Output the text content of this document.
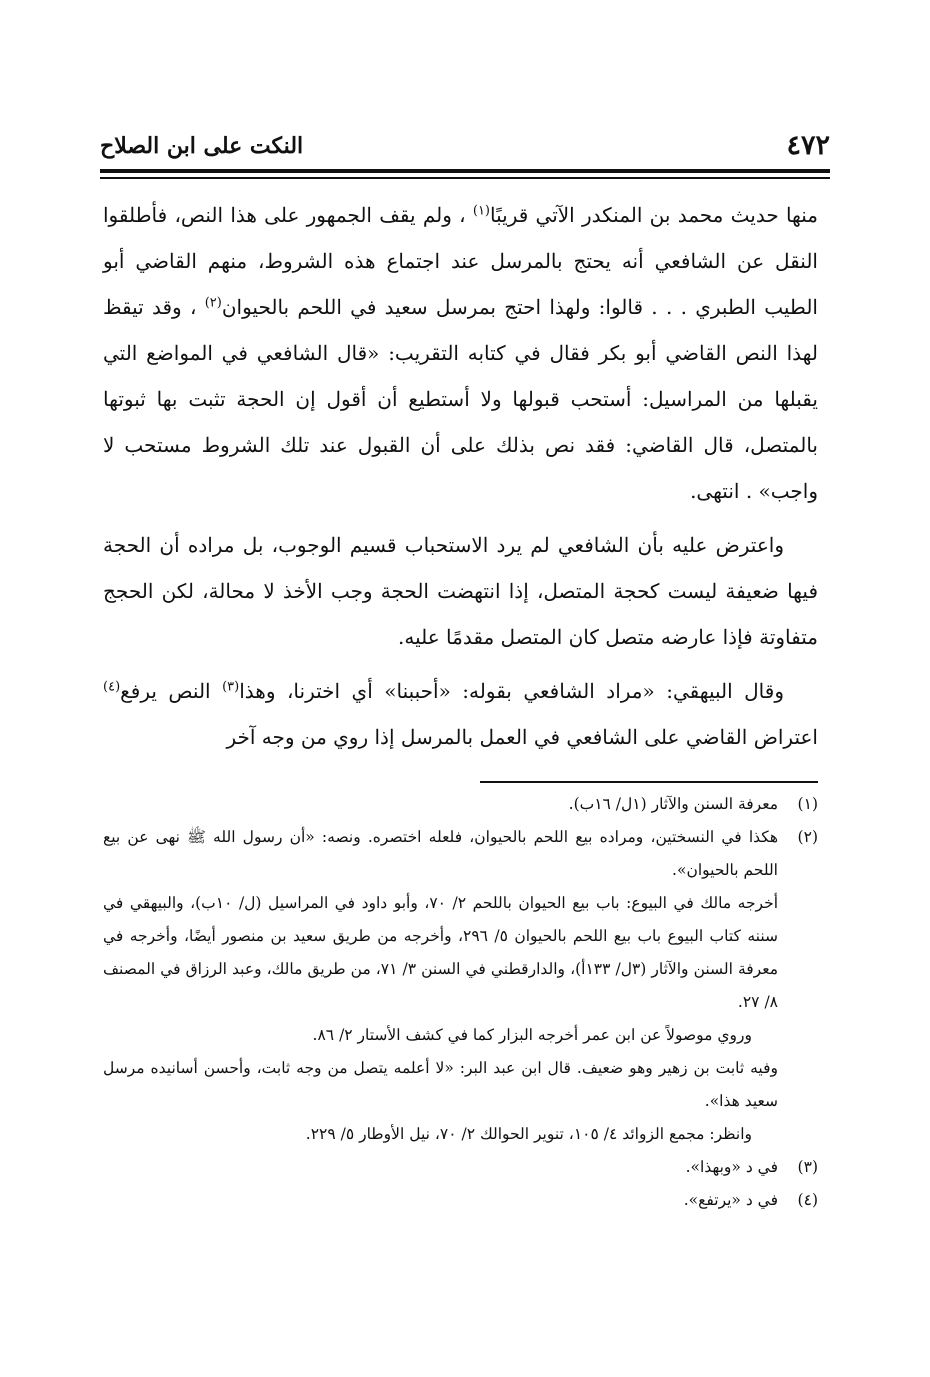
٤٧٢
النكت على ابن الصلاح

منها حديث محمد بن المنكدر الآتي قريبًا$^{(١)}$ ، ولم يقف الجمهور على هذا النص، فأطلقوا النقل عن الشافعي أنه يحتج بالمرسل عند اجتماع هذه الشروط، منهم القاضي أبو الطيب الطبري . . . قالوا: ولهذا احتج بمرسل سعيد في اللحم بالحيوان$^{(٢)}$ ، وقد تيقظ لهذا النص القاضي أبو بكر فقال في كتابه التقريب: «قال الشافعي في المواضع التي يقبلها من المراسيل: أستحب قبولها ولا أستطيع أن أقول إن الحجة تثبت بها ثبوتها بالمتصل، قال القاضي: فقد نص بذلك على أن القبول عند تلك الشروط مستحب لا واجب» . انتهى.

واعترض عليه بأن الشافعي لم يرد الاستحباب قسيم الوجوب، بل مراده أن الحجة فيها ضعيفة ليست كحجة المتصل، إذا انتهضت الحجة وجب الأخذ لا محالة، لكن الحجج متفاوتة فإذا عارضه متصل كان المتصل مقدمًا عليه.

وقال البيهقي: «مراد الشافعي بقوله: «أحببنا» أي اخترنا، وهذا$^{(٣)}$ النص يرفع$^{(٤)}$ اعتراض القاضي على الشافعي في العمل بالمرسل إذا روي من وجه آخر

(١)
معرفة السنن والآثار (١ل/ ١٦ب).
(٢)
هكذا في النسختين، ومراده بيع اللحم بالحيوان، فلعله اختصره. ونصه: «أن رسول الله ﷺ نهى عن بيع اللحم بالحيوان».
أخرجه مالك في البيوع: باب بيع الحيوان باللحم ٢/ ٧٠، وأبو داود في المراسيل (ل/ ١٠ب)، والبيهقي في سننه كتاب البيوع باب بيع اللحم بالحيوان ٥/ ٢٩٦، وأخرجه من طريق سعيد بن منصور أيضًا، وأخرجه في معرفة السنن والآثار (٣ل/ ١٣٣أ)، والدارقطني في السنن ٣/ ٧١، من طريق مالك، وعبد الرزاق في المصنف ٨/ ٢٧.
وروي موصولاً عن ابن عمر أخرجه البزار كما في كشف الأستار ٢/ ٨٦.
وفيه ثابت بن زهير وهو ضعيف. قال ابن عبد البر: «لا أعلمه يتصل من وجه ثابت، وأحسن أسانيده مرسل سعيد هذا».
وانظر: مجمع الزوائد ٤/ ١٠٥، تنوير الحوالك ٢/ ٧٠، نيل الأوطار ٥/ ٢٢٩.
(٣)
في د «وبهذا».
(٤)
في د «يرتفع».
